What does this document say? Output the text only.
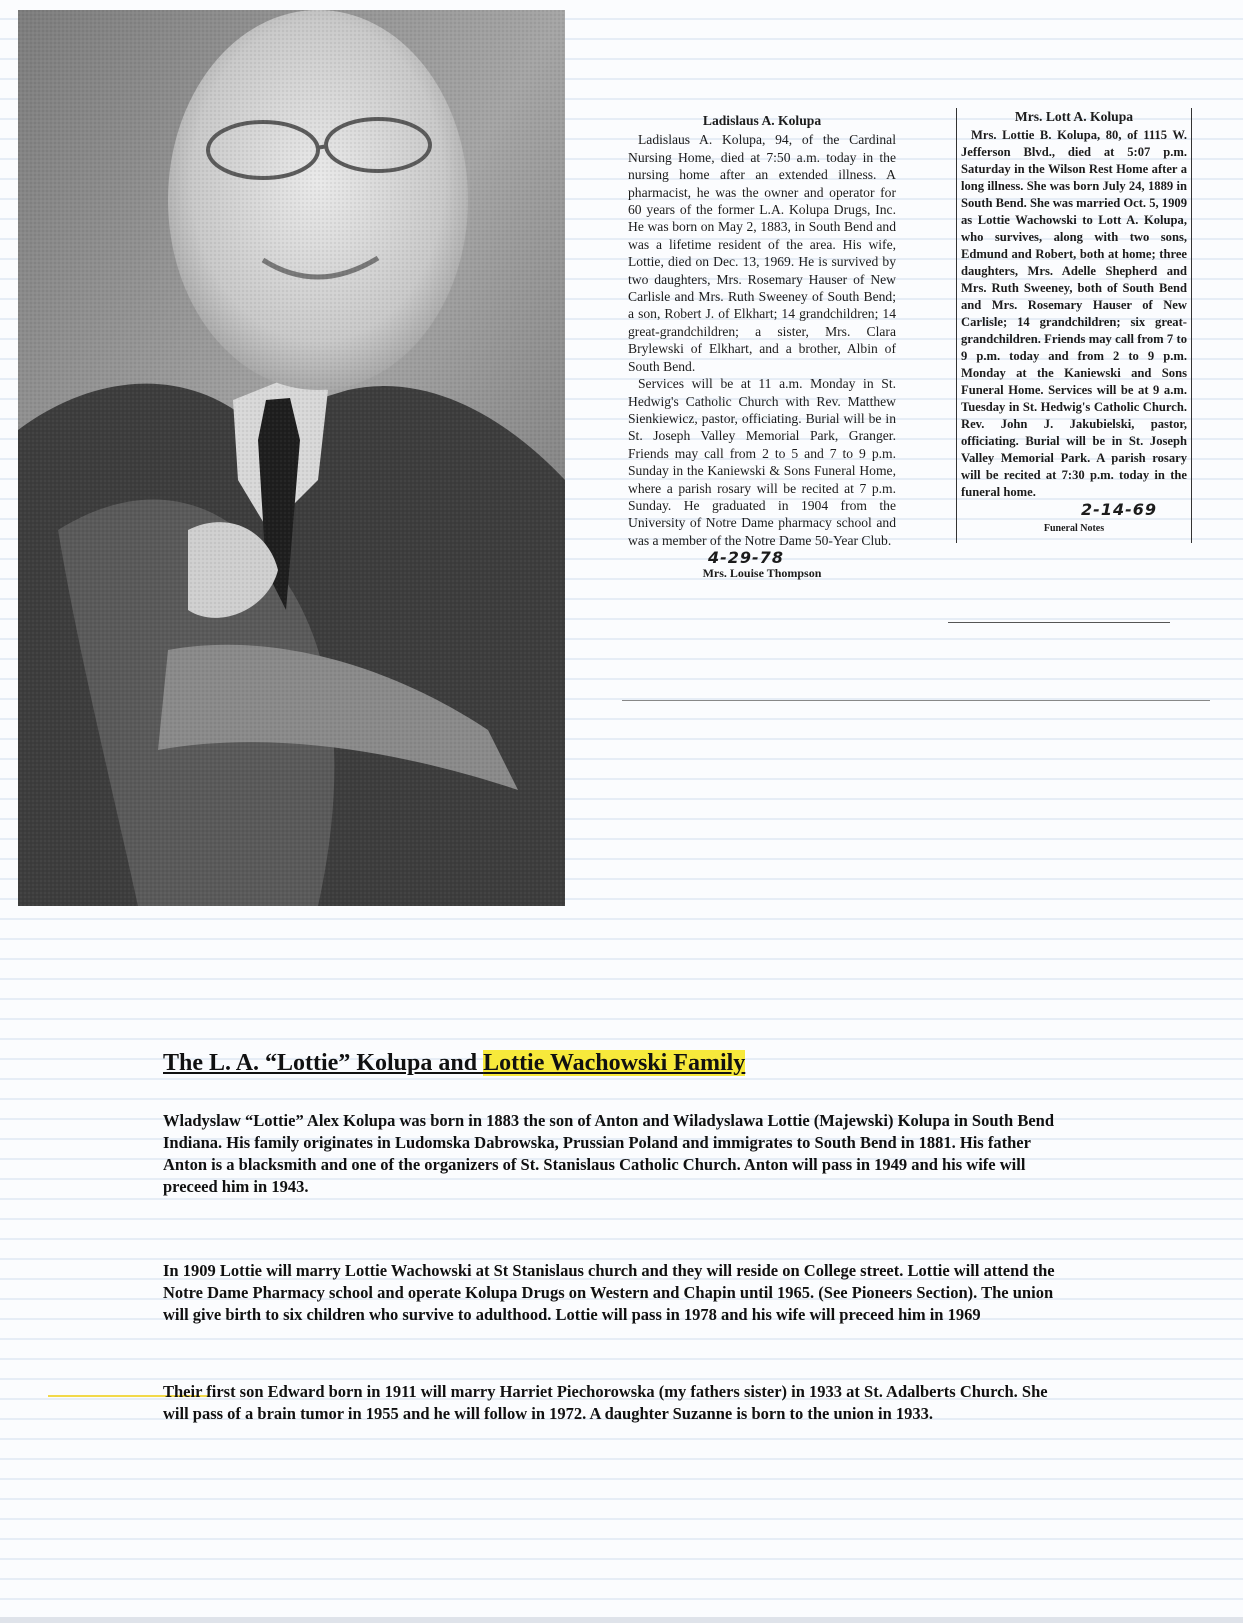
Ladislaus A. Kolupa

Ladislaus A. Kolupa, 94, of the Cardinal Nursing Home, died at 7:50 a.m. today in the nursing home after an extended illness. A pharmacist, he was the owner and operator for 60 years of the former L.A. Kolupa Drugs, Inc. He was born on May 2, 1883, in South Bend and was a lifetime resident of the area. His wife, Lottie, died on Dec. 13, 1969. He is survived by two daughters, Mrs. Rosemary Hauser of New Carlisle and Mrs. Ruth Sweeney of South Bend; a son, Robert J. of Elkhart; 14 grandchildren; 14 great-grandchildren; a sister, Mrs. Clara Brylewski of Elkhart, and a brother, Albin of South Bend.

Services will be at 11 a.m. Monday in St. Hedwig's Catholic Church with Rev. Matthew Sienkiewicz, pastor, officiating. Burial will be in St. Joseph Valley Memorial Park, Granger. Friends may call from 2 to 5 and 7 to 9 p.m. Sunday in the Kaniewski & Sons Funeral Home, where a parish rosary will be recited at 7 p.m. Sunday. He graduated in 1904 from the University of Notre Dame pharmacy school and was a member of the Notre Dame 50-Year Club.

4-29-78
Mrs. Louise Thompson
Mrs. Lott A. Kolupa

Mrs. Lottie B. Kolupa, 80, of 1115 W. Jefferson Blvd., died at 5:07 p.m. Saturday in the Wilson Rest Home after a long illness. She was born July 24, 1889 in South Bend. She was married Oct. 5, 1909 as Lottie Wachowski to Lott A. Kolupa, who survives, along with two sons, Edmund and Robert, both at home; three daughters, Mrs. Adelle Shepherd and Mrs. Ruth Sweeney, both of South Bend and Mrs. Rosemary Hauser of New Carlisle; 14 grandchildren; six great-grandchildren. Friends may call from 7 to 9 p.m. today and from 2 to 9 p.m. Monday at the Kaniewski and Sons Funeral Home. Services will be at 9 a.m. Tuesday in St. Hedwig's Catholic Church. Rev. John J. Jakubielski, pastor, officiating. Burial will be in St. Joseph Valley Memorial Park. A parish rosary will be recited at 7:30 p.m. today in the funeral home.

2-14-69
Funeral Notes
The L. A. “Lottie” Kolupa and Lottie Wachowski Family

Wladyslaw “Lottie” Alex Kolupa was born in 1883 the son of Anton and Wiladyslawa Lottie (Majewski) Kolupa in South Bend Indiana. His family originates in Ludomska Dabrowska, Prussian Poland and immigrates to South Bend in 1881. His father Anton is a blacksmith and one of the organizers of St. Stanislaus Catholic Church. Anton will pass in 1949 and his wife will preceed him in 1943.

In 1909 Lottie will marry Lottie Wachowski at St Stanislaus church and they will reside on College street. Lottie will attend the Notre Dame Pharmacy school and operate Kolupa Drugs on Western and Chapin until 1965. (See Pioneers Section). The union will give birth to six children who survive to adulthood. Lottie will pass in 1978 and his wife will preceed him in 1969

Their first son Edward born in 1911 will marry Harriet Piechorowska (my fathers sister) in 1933 at St. Adalberts Church. She will pass of a brain tumor in 1955 and he will follow in 1972. A daughter Suzanne is born to the union in 1933.
